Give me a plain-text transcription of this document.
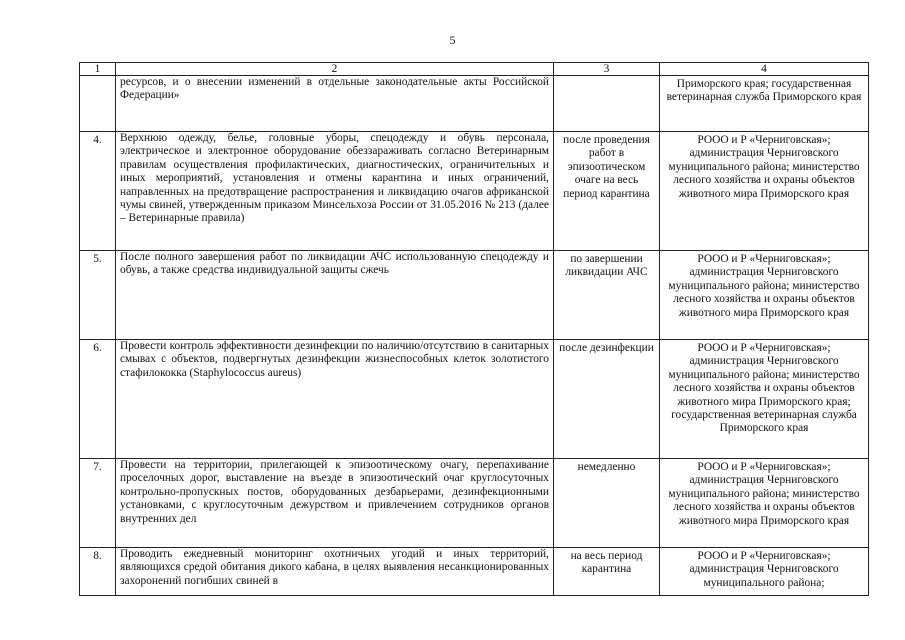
5
1	2	3	4

	ресурсов, и о внесении изменений в отдельные законодательные акты Российской Федерации»		Приморского края; государственная ветеринарная служба Приморского края

4.	Верхнюю одежду, белье, головные уборы, спецодежду и обувь персонала, электрическое и электронное оборудование обеззараживать согласно Ветеринарным правилам осуществления профилактических, диагностических, ограничительных и иных мероприятий, установления и отмены карантина и иных ограничений, направленных на предотвращение распространения и ликвидацию очагов африканской чумы свиней, утвержденным приказом Минсельхоза России от 31.05.2016 № 213 (далее – Ветеринарные правила)	после проведения работ в эпизоотическом очаге на весь период карантина	РООО и Р «Черниговская»; администрация Черниговского муниципального района; министерство лесного хозяйства и охраны объектов животного мира Приморского края

5.	После полного завершения работ по ликвидации АЧС использованную спецодежду и обувь, а также средства индивидуальной защиты сжечь	по завершении ликвидации АЧС	РООО и Р «Черниговская»; администрация Черниговского муниципального района; министерство лесного хозяйства и охраны объектов животного мира Приморского края

6.	Провести контроль эффективности дезинфекции по наличию/отсутствию в санитарных смывах с объектов, подвергнутых дезинфекции жизнеспособных клеток золотистого стафилококка (Staphylococcus aureus)	после дезинфекции	РООО и Р «Черниговская»; администрация Черниговского муниципального района; министерство лесного хозяйства и охраны объектов животного мира Приморского края; государственная ветеринарная служба Приморского края

7.	Провести на территории, прилегающей к эпизоотическому очагу, перепахивание проселочных дорог, выставление на въезде в эпизоотический очаг круглосуточных контрольно-пропускных постов, оборудованных дезбарьерами, дезинфекционными установками, с круглосуточным дежурством и привлечением сотрудников органов внутренних дел	немедленно	РООО и Р «Черниговская»; администрация Черниговского муниципального района; министерство лесного хозяйства и охраны объектов животного мира Приморского края

8.	Проводить ежедневный мониторинг охотничьих угодий и иных территорий, являющихся средой обитания дикого кабана, в целях выявления несанкционированных захоронений погибших свиней в	на весь период карантина	РООО и Р «Черниговская»; администрация Черниговского муниципального района;
